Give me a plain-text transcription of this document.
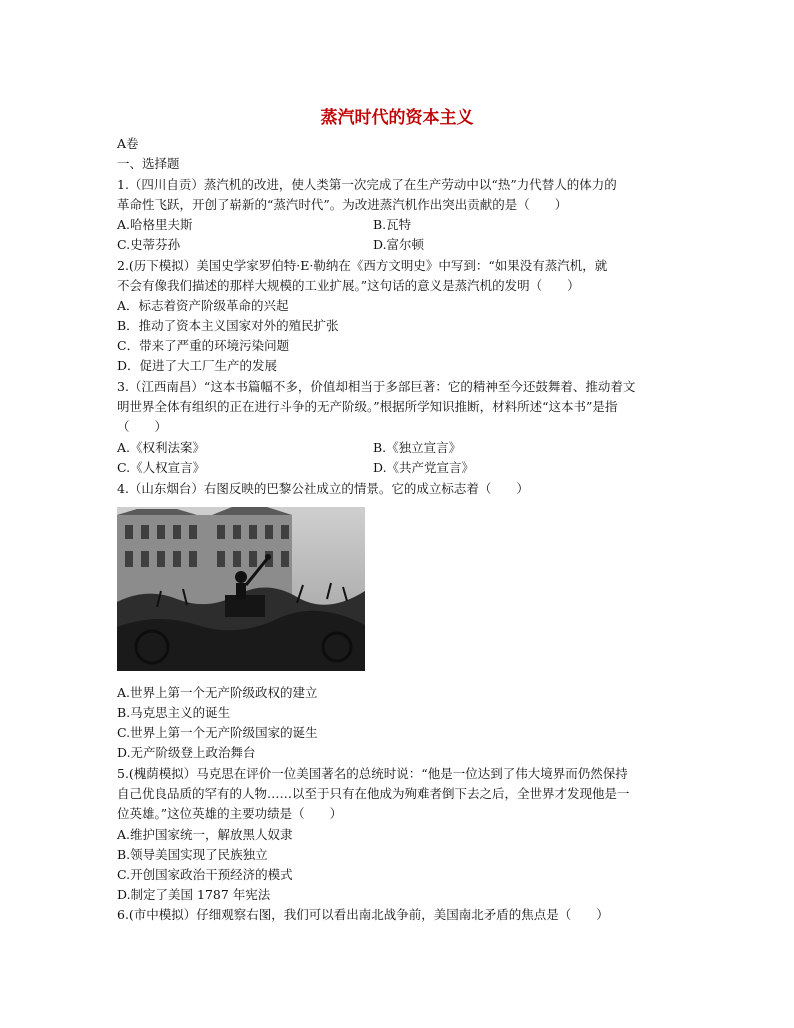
蒸汽时代的资本主义
A卷
一、选择题
1.（四川自贡）蒸汽机的改进，使人类第一次完成了在生产劳动中以“热”力代替人的体力的
革命性飞跃，开创了崭新的“蒸汽时代”。为改进蒸汽机作出突出贡献的是（　　）
A.哈格里夫斯	B.瓦特
C.史蒂芬孙	D.富尔顿
2.(历下模拟）美国史学家罗伯特·E·勒纳在《西方文明史》中写到：“如果没有蒸汽机，就
不会有像我们描述的那样大规模的工业扩展。”这句话的意义是蒸汽机的发明（　　）
A．标志着资产阶级革命的兴起
B．推动了资本主义国家对外的殖民扩张
C．带来了严重的环境污染问题
D．促进了大工厂生产的发展
3.（江西南昌）“这本书篇幅不多，价值却相当于多部巨著：它的精神至今还鼓舞着、推动着文
明世界全体有组织的正在进行斗争的无产阶级。”根据所学知识推断，材料所述“这本书”是指
（　　）
A.《权利法案》	B.《独立宣言》
C.《人权宣言》	D.《共产党宣言》
4.（山东烟台）右图反映的巴黎公社成立的情景。它的成立标志着（　　）
A.世界上第一个无产阶级政权的建立
B.马克思主义的诞生
C.世界上第一个无产阶级国家的诞生
D.无产阶级登上政治舞台
5.(槐荫模拟）马克思在评价一位美国著名的总统时说：“他是一位达到了伟大境界而仍然保持
自己优良品质的罕有的人物……以至于只有在他成为殉难者倒下去之后，全世界才发现他是一
位英雄。”这位英雄的主要功绩是（　　）
A.维护国家统一，解放黑人奴隶
B.领导美国实现了民族独立
C.开创国家政治干预经济的模式
D.制定了美国 1787 年宪法
6.(市中模拟）仔细观察右图，我们可以看出南北战争前，美国南北矛盾的焦点是（　　）
